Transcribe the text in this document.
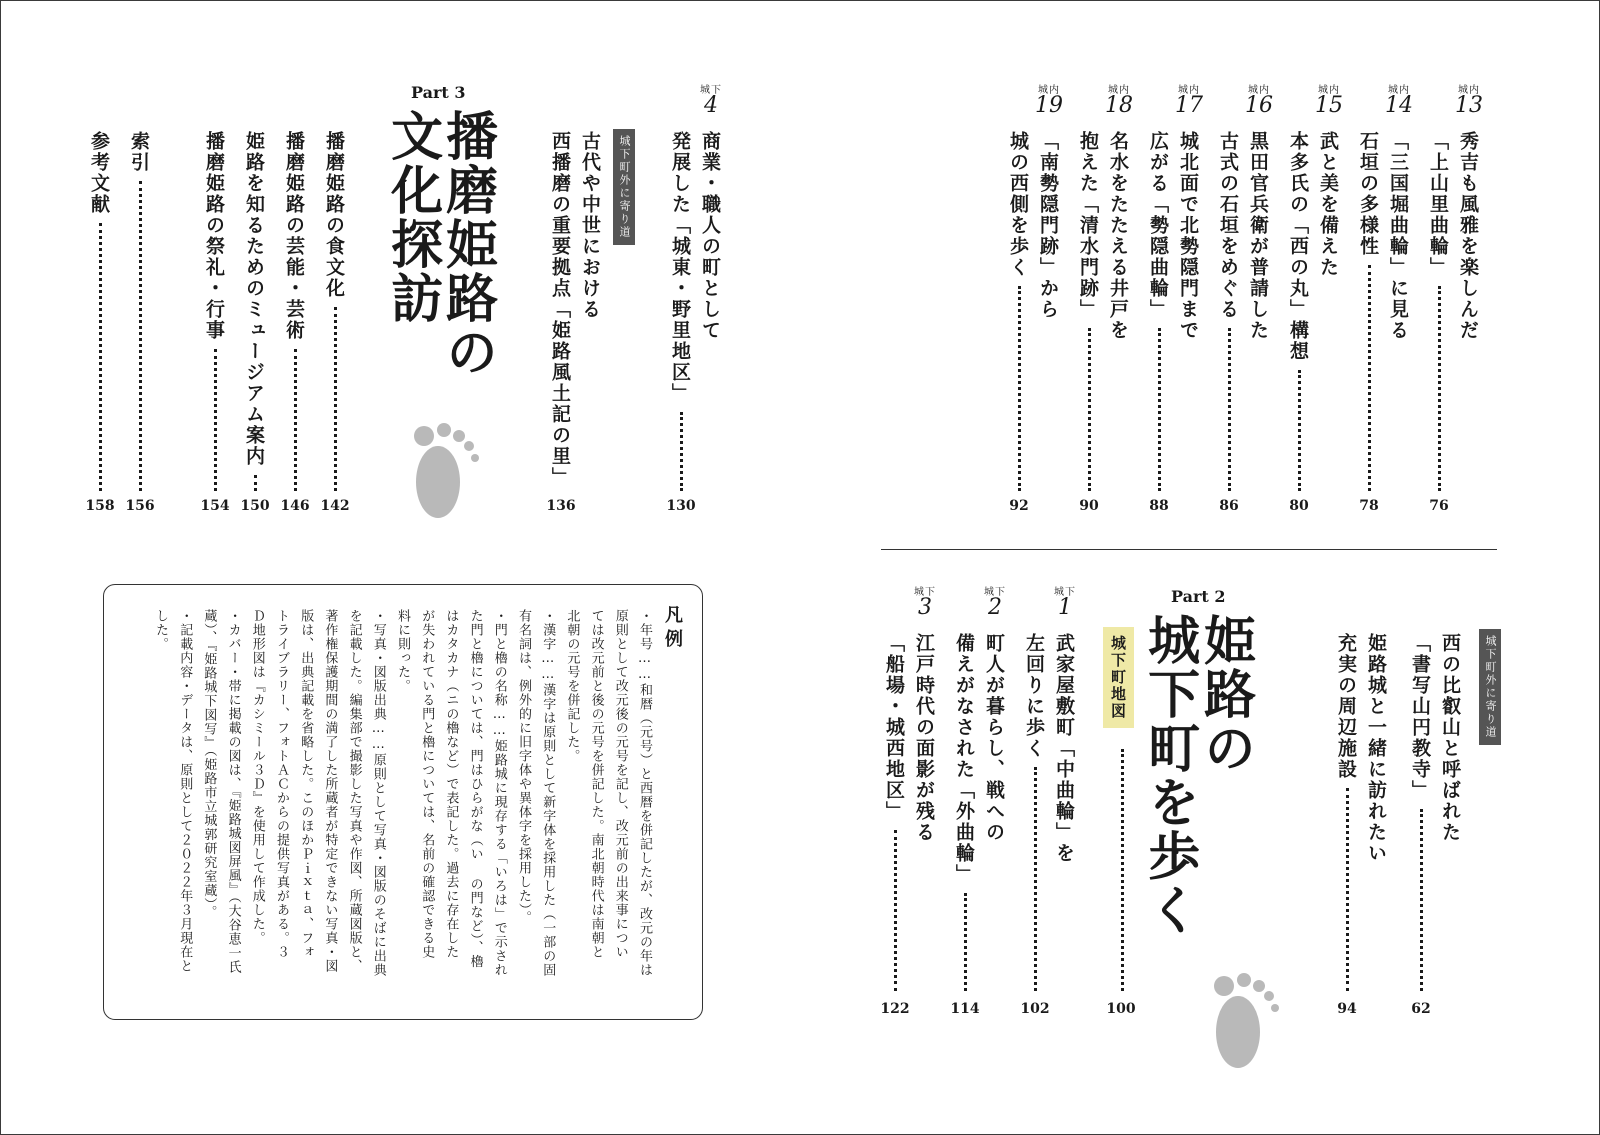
城内
13
秀吉も風雅を楽しんだ
「上山里曲輪」
76
城内
14
「三国堀曲輪」に見る
石垣の多様性
78
城内
15
武と美を備えた
本多氏の「西の丸」構想
80
城内
16
黒田官兵衛が普請した
古式の石垣をめぐる
86
城内
17
城北面で北勢隠門まで
広がる「勢隠曲輪」
88
城内
18
名水をたたえる井戸を
抱えた「清水門跡」
90
城内
19
「南勢隠門跡」から
城の西側を歩く
92
城下町外に寄り道
西の比叡山と呼ばれた
「書写山円教寺」
62
姫路城と一緒に訪れたい
充実の周辺施設
94
Part 2
姫路の
城下町を歩く
城下町地図
100
城下
1
武家屋敷町「中曲輪」を
左回りに歩く
102
城下
2
町人が暮らし、戦への
備えがなされた「外曲輪」
114
城下
3
江戸時代の面影が残る
「船場・城西地区」
122
城下
4
商業・職人の町として
発展した「城東・野里地区」
130
城下町外に寄り道
古代や中世における
西播磨の重要拠点「姫路風土記の里」
136
Part 3
播磨姫路の
文化探訪
播磨姫路の食文化
142
播磨姫路の芸能・芸術
146
姫路を知るためのミュージアム案内
150
播磨姫路の祭礼・行事
154
索引
156
参考文献
158
凡例
・年号……和暦（元号）と西暦を併記したが、改元の年は
原則として改元後の元号を記し、改元前の出来事につい
ては改元前と後の元号を併記した。南北朝時代は南朝と
北朝の元号を併記した。
・漢字……漢字は原則として新字体を採用した（一部の固
有名詞は、例外的に旧字体や異体字を採用した）。
・門と櫓の名称……姫路城に現存する「いろは」で示され
た門と櫓については、門はひらがな（い の門など）、櫓
はカタカナ（ニの櫓など）で表記した。過去に存在した
が失われている門と櫓については、名前の確認できる史
料に則った。
・写真・図版出典……原則として写真・図版のそばに出典
を記載した。編集部で撮影した写真や作図、所蔵図版と、
著作権保護期間の満了した所蔵者が特定できない写真・図
版は、出典記載を省略した。このほかＰｉｘｔａ、フォ
トライブラリー、フォトＡＣからの提供写真がある。３
Ｄ地形図は『カシミール３Ｄ』を使用して作成した。
・カバー・帯に掲載の図は、『姫路城図屏風』（大谷恵一氏
蔵）、『姫路城下図写』（姫路市立城郭研究室蔵）。
・記載内容・データは、原則として２０２２年３月現在と
した。
